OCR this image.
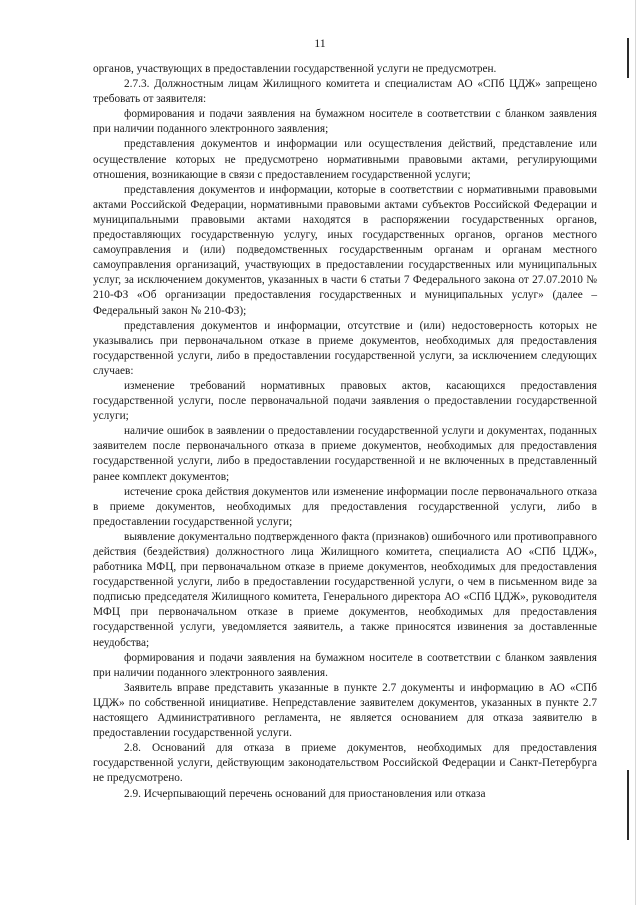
11

органов, участвующих в предоставлении государственной услуги не предусмотрен.

2.7.3. Должностным лицам Жилищного комитета и специалистам АО «СПб ЦДЖ» запрещено требовать от заявителя:

формирования и подачи заявления на бумажном носителе в соответствии с бланком заявления при наличии поданного электронного заявления;

представления документов и информации или осуществления действий, представление или осуществление которых не предусмотрено нормативными правовыми актами, регулирующими отношения, возникающие в связи с предоставлением государственной услуги;

представления документов и информации, которые в соответствии с нормативными правовыми актами Российской Федерации, нормативными правовыми актами субъектов Российской Федерации и муниципальными правовыми актами находятся в распоряжении государственных органов, предоставляющих государственную услугу, иных государственных органов, органов местного самоуправления и (или) подведомственных государственным органам и органам местного самоуправления организаций, участвующих в предоставлении государственных или муниципальных услуг, за исключением документов, указанных в части 6 статьи 7 Федерального закона от 27.07.2010 № 210-ФЗ «Об организации предоставления государственных и муниципальных услуг» (далее – Федеральный закон № 210-ФЗ);

представления документов и информации, отсутствие и (или) недостоверность которых не указывались при первоначальном отказе в приеме документов, необходимых для предоставления государственной услуги, либо в предоставлении государственной услуги, за исключением следующих случаев:

изменение требований нормативных правовых актов, касающихся предоставления государственной услуги, после первоначальной подачи заявления о предоставлении государственной услуги;

наличие ошибок в заявлении о предоставлении государственной услуги и документах, поданных заявителем после первоначального отказа в приеме документов, необходимых для предоставления государственной услуги, либо в предоставлении государственной и не включенных в представленный ранее комплект документов;

истечение срока действия документов или изменение информации после первоначального отказа в приеме документов, необходимых для предоставления государственной услуги, либо в предоставлении государственной услуги;

выявление документально подтвержденного факта (признаков) ошибочного или противоправного действия (бездействия) должностного лица Жилищного комитета, специалиста АО «СПб ЦДЖ», работника МФЦ, при первоначальном отказе в приеме документов, необходимых для предоставления государственной услуги, либо в предоставлении государственной услуги, о чем в письменном виде за подписью председателя Жилищного комитета, Генерального директора АО «СПб ЦДЖ», руководителя МФЦ при первоначальном отказе в приеме документов, необходимых для предоставления государственной услуги, уведомляется заявитель, а также приносятся извинения за доставленные неудобства;

формирования и подачи заявления на бумажном носителе в соответствии с бланком заявления при наличии поданного электронного заявления.

Заявитель вправе представить указанные в пункте 2.7 документы и информацию в АО «СПб ЦДЖ» по собственной инициативе. Непредставление заявителем документов, указанных в пункте 2.7 настоящего Административного регламента, не является основанием для отказа заявителю в предоставлении государственной услуги.

2.8. Оснований для отказа в приеме документов, необходимых для предоставления государственной услуги, действующим законодательством Российской Федерации и Санкт-Петербурга не предусмотрено.

2.9. Исчерпывающий перечень оснований для приостановления или отказа
